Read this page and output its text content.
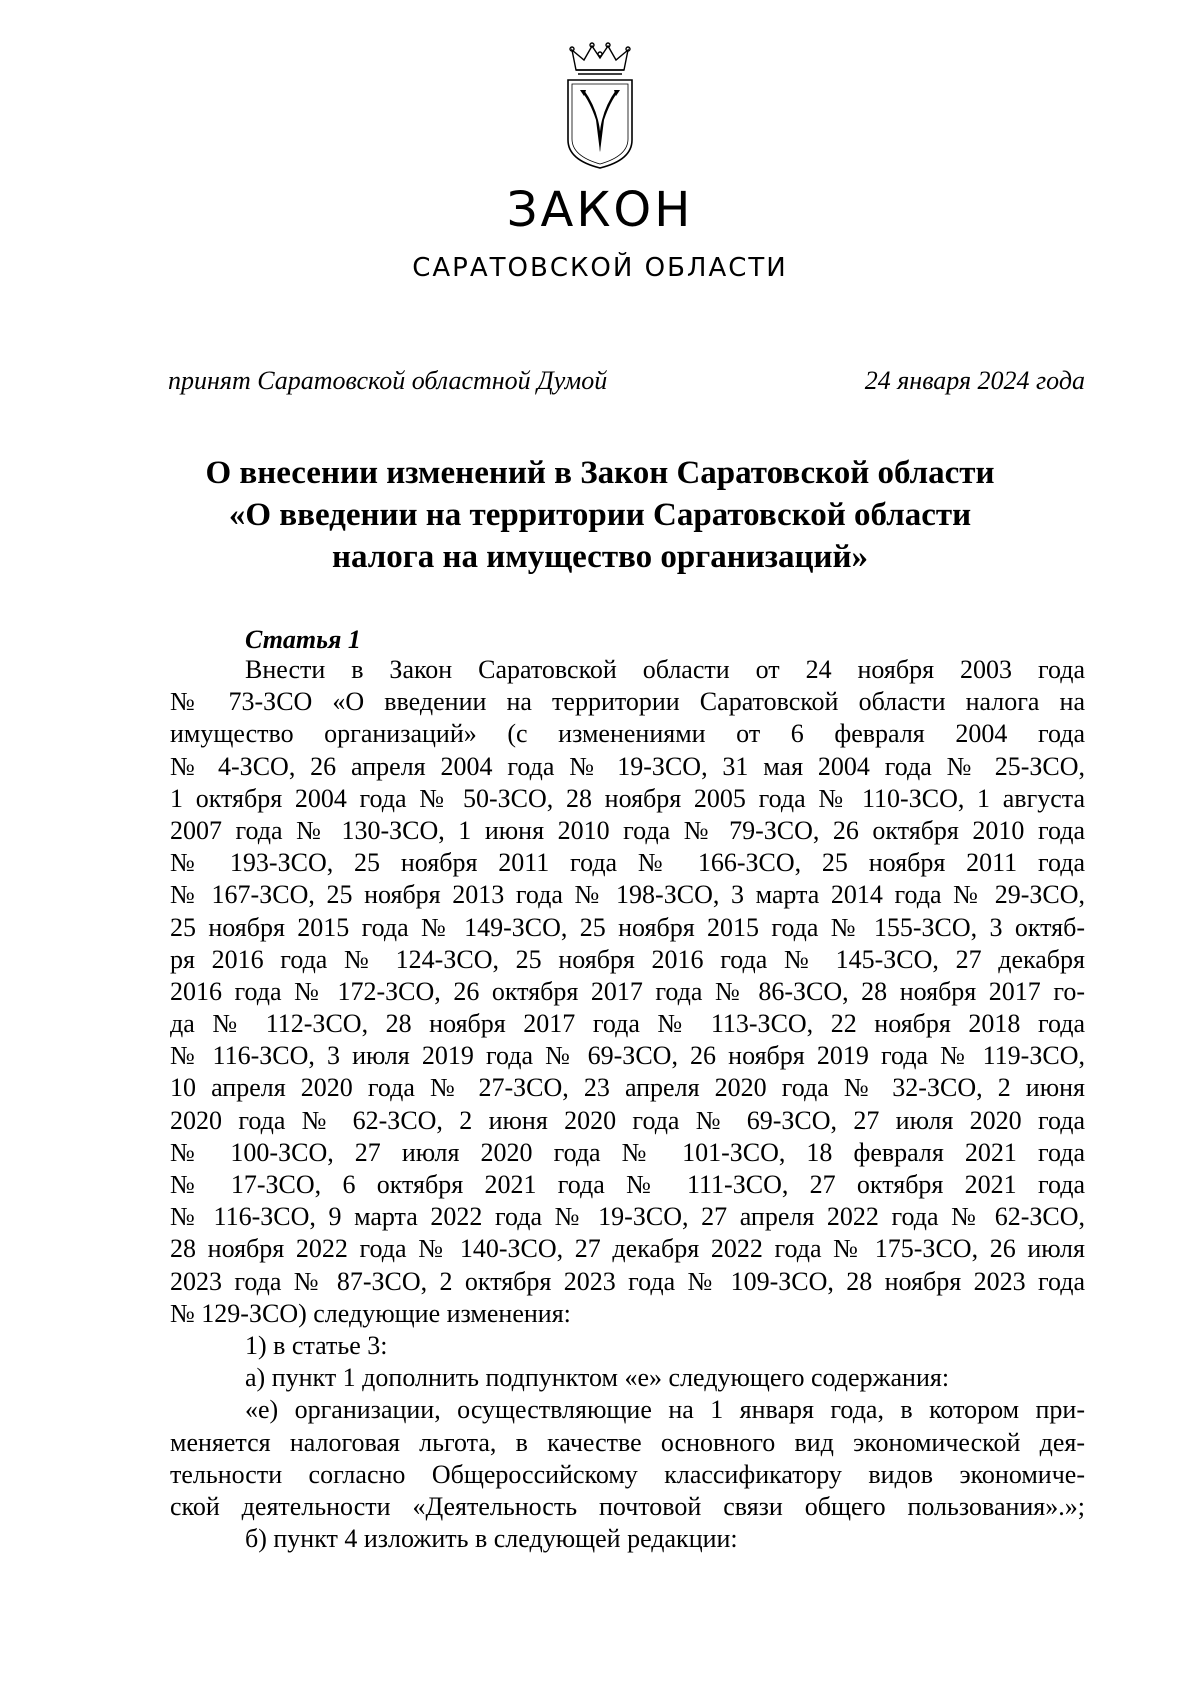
ЗАКОН
САРАТОВСКОЙ ОБЛАСТИ
принят Саратовской областной Думой	24 января 2024 года
О внесении изменений в Закон Саратовской области
«О введении на территории Саратовской области
налога на имущество организаций»
Статья 1
Внести в Закон Саратовской области от 24 ноября 2003 года
№ 73-ЗСО «О введении на территории Саратовской области налога на
имущество организаций» (с изменениями от 6 февраля 2004 года
№ 4-ЗСО, 26 апреля 2004 года № 19-ЗСО, 31 мая 2004 года № 25-ЗСО,
1 октября 2004 года № 50-ЗСО, 28 ноября 2005 года № 110-ЗСО, 1 августа
2007 года № 130-ЗСО, 1 июня 2010 года № 79-ЗСО, 26 октября 2010 года
№ 193-ЗСО, 25 ноября 2011 года № 166-ЗСО, 25 ноября 2011 года
№ 167-ЗСО, 25 ноября 2013 года № 198-ЗСО, 3 марта 2014 года № 29-ЗСО,
25 ноября 2015 года № 149-ЗСО, 25 ноября 2015 года № 155-ЗСО, 3 октяб-
ря 2016 года № 124-ЗСО, 25 ноября 2016 года № 145-ЗСО, 27 декабря
2016 года № 172-ЗСО, 26 октября 2017 года № 86-ЗСО, 28 ноября 2017 го-
да № 112-ЗСО, 28 ноября 2017 года № 113-ЗСО, 22 ноября 2018 года
№ 116-ЗСО, 3 июля 2019 года № 69-ЗСО, 26 ноября 2019 года № 119-ЗСО,
10 апреля 2020 года № 27-ЗСО, 23 апреля 2020 года № 32-ЗСО, 2 июня
2020 года № 62-ЗСО, 2 июня 2020 года № 69-ЗСО, 27 июля 2020 года
№ 100-ЗСО, 27 июля 2020 года № 101-ЗСО, 18 февраля 2021 года
№ 17-ЗСО, 6 октября 2021 года № 111-ЗСО, 27 октября 2021 года
№ 116-ЗСО, 9 марта 2022 года № 19-ЗСО, 27 апреля 2022 года № 62-ЗСО,
28 ноября 2022 года № 140-ЗСО, 27 декабря 2022 года № 175-ЗСО, 26 июля
2023 года № 87-ЗСО, 2 октября 2023 года № 109-ЗСО, 28 ноября 2023 года
№ 129-ЗСО) следующие изменения:
1) в статье 3:
а) пункт 1 дополнить подпунктом «е» следующего содержания:
«е) организации, осуществляющие на 1 января года, в котором при-
меняется налоговая льгота, в качестве основного вид экономической дея-
тельности согласно Общероссийскому классификатору видов экономиче-
ской деятельности «Деятельность почтовой связи общего пользования».»;
б) пункт 4 изложить в следующей редакции:
